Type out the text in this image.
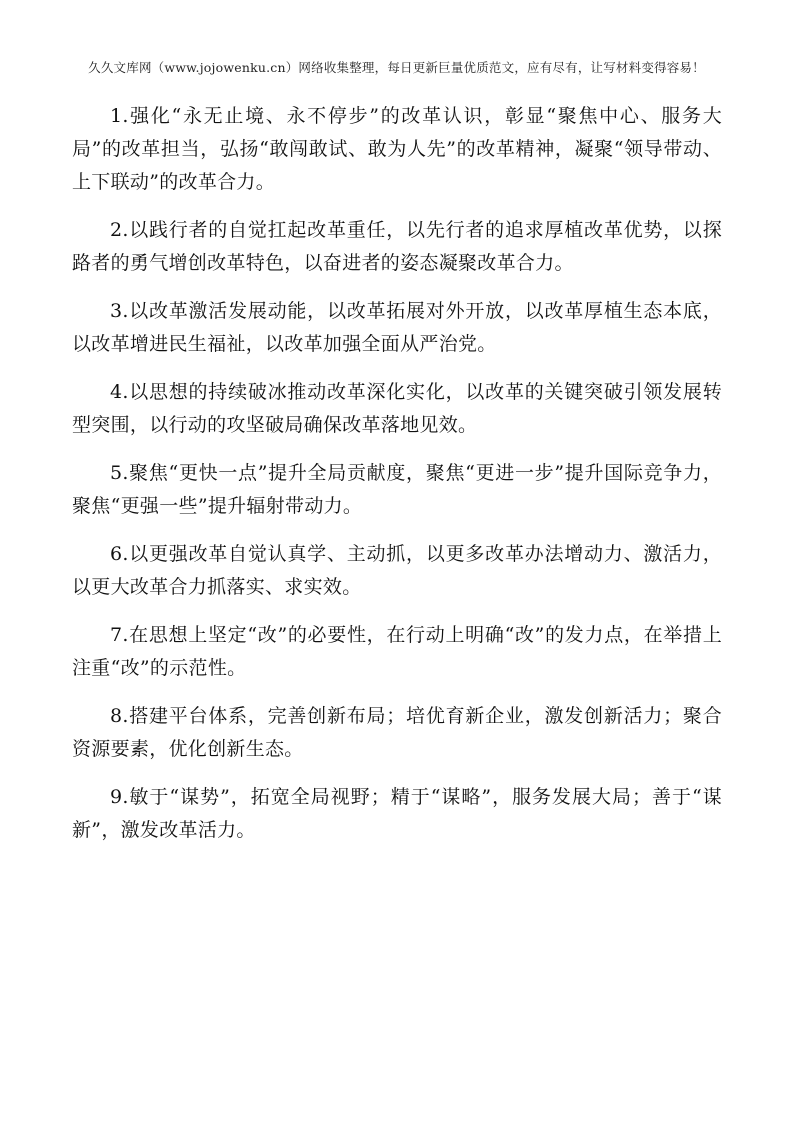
久久文库网（www.jojowenku.cn）网络收集整理，每日更新巨量优质范文，应有尽有，让写材料变得容易！

1.强化“永无止境、永不停步”的改革认识，彰显“聚焦中心、服务大局”的改革担当，弘扬“敢闯敢试、敢为人先”的改革精神，凝聚“领导带动、上下联动”的改革合力。

2.以践行者的自觉扛起改革重任，以先行者的追求厚植改革优势，以探路者的勇气增创改革特色，以奋进者的姿态凝聚改革合力。

3.以改革激活发展动能，以改革拓展对外开放，以改革厚植生态本底，以改革增进民生福祉，以改革加强全面从严治党。

4.以思想的持续破冰推动改革深化实化，以改革的关键突破引领发展转型突围，以行动的攻坚破局确保改革落地见效。

5.聚焦“更快一点”提升全局贡献度，聚焦“更进一步”提升国际竞争力，聚焦“更强一些”提升辐射带动力。

6.以更强改革自觉认真学、主动抓，以更多改革办法增动力、激活力，以更大改革合力抓落实、求实效。

7.在思想上坚定“改”的必要性，在行动上明确“改”的发力点，在举措上注重“改”的示范性。

8.搭建平台体系，完善创新布局；培优育新企业，激发创新活力；聚合资源要素，优化创新生态。

9.敏于“谋势”，拓宽全局视野；精于“谋略”，服务发展大局；善于“谋新”，激发改革活力。
